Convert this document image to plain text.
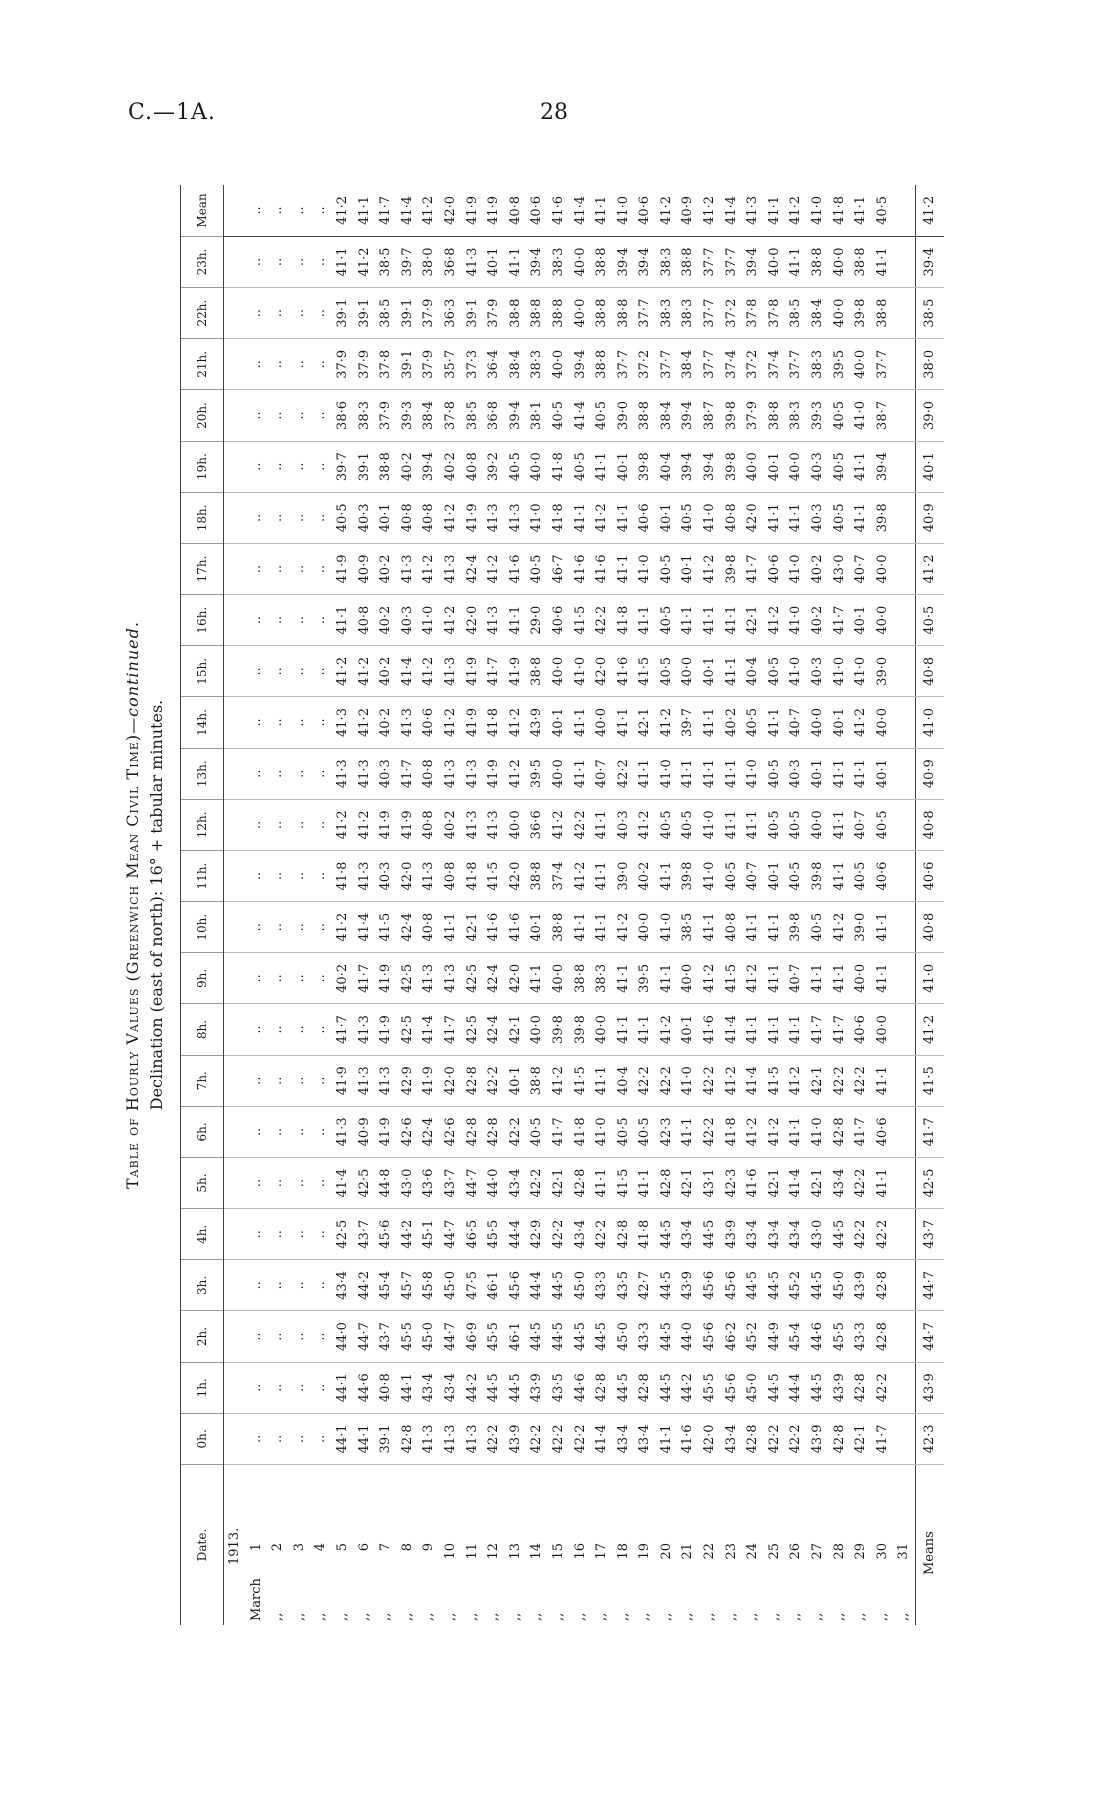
C.—1A.	28
Table of Hourly Values (Greenwich Mean Civil Time)—continued.
Declination (east of north): 16° + tabular minutes.
Date.	0h.	1h.	2h.	3h.	4h.	5h.	6h.	7h.	8h.	9h.	10h.	11h.	12h.	13h.	14h.	15h.	16h.	17h.	18h.	19h.	20h.	21h.	22h.	23h.	Mean
1913.																									
March1	..	..	..	..	..	..	..	..	..	..	..	..	..	..	..	..	..	..	..	..	..	..	..	..	..
,,2	..	..	..	..	..	..	..	..	..	..	..	..	..	..	..	..	..	..	..	..	..	..	..	..	..
,,3	..	..	..	..	..	..	..	..	..	..	..	..	..	..	..	..	..	..	..	..	..	..	..	..	..
,,4	..	..	..	..	..	..	..	..	..	..	..	..	..	..	..	..	..	..	..	..	..	..	..	..	..
,,5	44·1	44·1	44·0	43·4	42·5	41·4	41·3	41·9	41·7	40·2	41·2	41·8	41·2	41·3	41·3	41·2	41·1	41·9	40·5	39·7	38·6	37·9	39·1	41·1	41·2
,,6	44·1	44·6	44·7	44·2	43·7	42·5	40·9	41·3	41·3	41·7	41·4	41·3	41·2	41·3	41·2	41·2	40·8	40·9	40·3	39·1	38·3	37·9	39·1	41·2	41·1
,,7	39·1	40·8	43·7	45·4	45·6	44·8	41·9	41·3	41·9	41·9	41·5	40·3	41·9	40·3	40·2	40·2	40·2	40·2	40·1	38·8	37·9	37·8	38·5	38·5	41·7
,,8	42·8	44·1	45·5	45·7	44·2	43·0	42·6	42·9	42·5	42·5	42·4	42·0	41·9	41·7	41·3	41·4	40·3	41·3	40·8	40·2	39·3	39·1	39·1	39·7	41·4
,,9	41·3	43·4	45·0	45·8	45·1	43·6	42·4	41·9	41·4	41·3	40·8	41·3	40·8	40·8	40·6	41·2	41·0	41·2	40·8	39·4	38·4	37·9	37·9	38·0	41·2
,,10	41·3	43·4	44·7	45·0	44·7	43·7	42·6	42·0	41·7	41·3	41·1	40·8	40·2	41·3	41·2	41·3	41·2	41·3	41·2	40·2	37·8	35·7	36·3	36·8	42·0
,,11	41·3	44·2	46·9	47·5	46·5	44·7	42·8	42·8	42·5	42·5	42·1	41·8	41·3	41·3	41·9	41·9	42·0	42·4	41·9	40·8	38·5	37·3	39·1	41·3	41·9
,,12	42·2	44·5	45·5	46·1	45·5	44·0	42·8	42·2	42·4	42·4	41·6	41·5	41·3	41·9	41·8	41·7	41·3	41·2	41·3	39·2	36·8	36·4	37·9	40·1	41·9
,,13	43·9	44·5	46·1	45·6	44·4	43·4	42·2	40·1	42·1	42·0	41·6	42·0	40·0	41·2	41·2	41·9	41·1	41·6	41·3	40·5	39·4	38·4	38·8	41·1	40·8
,,14	42·2	43·9	44·5	44·4	42·9	42·2	40·5	38·8	40·0	41·1	40·1	38·8	36·6	39·5	43·9	38·8	29·0	40·5	41·0	40·0	38·1	38·3	38·8	39·4	40·6
,,15	42·2	43·5	44·5	44·5	42·2	42·1	41·7	41·2	39·8	40·0	38·8	37·4	41·2	40·0	40·1	40·0	40·6	46·7	41·8	41·8	40·5	40·0	38·8	38·3	41·6
,,16	42·2	44·6	44·5	45·0	43·4	42·8	41·8	41·5	39·8	38·8	41·1	41·2	42·2	41·1	41·1	41·0	41·5	41·6	41·1	40·5	41·4	39·4	40·0	40·0	41·4
,,17	41·4	42·8	44·5	43·3	42·2	41·1	41·0	41·1	40·0	38·3	41·1	41·1	41·1	40·7	40·0	42·0	42·2	41·6	41·2	41·1	40·5	38·8	38·8	38·8	41·1
,,18	43·4	44·5	45·0	43·5	42·8	41·5	40·5	40·4	41·1	41·1	41·2	39·0	40·3	42·2	41·1	41·6	41·8	41·1	41·1	40·1	39·0	37·7	38·8	39·4	41·0
,,19	43·4	42·8	43·3	42·7	41·8	41·1	40·5	42·2	41·1	39·5	40·0	40·2	41·2	41·1	42·1	41·5	41·1	41·0	40·6	39·8	38·8	37·2	37·7	39·4	40·6
,,20	41·1	44·5	44·5	44·5	44·5	42·8	42·3	42·2	41·2	41·1	41·0	41·1	40·5	41·0	41·2	40·5	40·5	40·5	40·1	40·4	38·4	37·7	38·3	38·3	41·2
,,21	41·6	44·2	44·0	43·9	43·4	42·1	41·1	41·0	40·1	40·0	38·5	39·8	40·5	41·1	39·7	40·0	41·1	40·1	40·5	39·4	39·4	38·4	38·3	38·8	40·9
,,22	42·0	45·5	45·6	45·6	44·5	43·1	42·2	42·2	41·6	41·2	41·1	41·0	41·0	41·1	41·1	40·1	41·1	41·2	41·0	39·4	38·7	37·7	37·7	37·7	41·2
,,23	43·4	45·6	46·2	45·6	43·9	42·3	41·8	41·2	41·4	41·5	40·8	40·5	41·1	41·1	40·2	41·1	41·1	39·8	40·8	39·8	39·8	37·4	37·2	37·7	41·4
,,24	42·8	45·0	45·2	44·5	43·4	41·6	41·2	41·4	41·1	41·2	41·1	40·7	41·1	41·0	40·5	40·4	42·1	41·7	42·0	40·0	37·9	37·2	37·8	39·4	41·3
,,25	42·2	44·5	44·9	44·5	43·4	42·1	41·2	41·5	41·1	41·1	41·1	40·1	40·5	40·5	41·1	40·5	41·2	40·6	41·1	40·1	38·8	37·4	37·8	40·0	41·1
,,26	42·2	44·4	45·4	45·2	43·4	41·4	41·1	41·2	41·1	40·7	39·8	40·5	40·5	40·3	40·7	41·0	41·0	41·0	41·1	40·0	38·3	37·7	38·5	41·1	41·2
,,27	43·9	44·5	44·6	44·5	43·0	42·1	41·0	42·1	41·7	41·1	40·5	39·8	40·0	40·1	40·0	40·3	40·2	40·2	40·3	40·3	39·3	38·3	38·4	38·8	41·0
,,28	42·8	43·9	45·5	45·0	44·5	43·4	42·8	42·2	41·7	41·1	41·2	41·1	41·1	41·1	40·1	41·0	41·7	43·0	40·5	40·5	40·5	39·5	40·0	40·0	41·8
,,29	42·1	42·8	43·3	43·9	42·2	42·2	41·7	42·2	40·6	40·0	39·0	40·5	40·7	41·1	41·2	41·0	40·1	40·7	41·1	41·1	41·0	40·0	39·8	38·8	41·1
,,30	41·7	42·2	42·8	42·8	42·2	41·1	40·6	41·1	40·0	41·1	41·1	40·6	40·5	40·1	40·0	39·0	40·0	40·0	39·8	39·4	38·7	37·7	38·8	41·1	40·5
,,31																									
Means	42·3	43·9	44·7	44·7	43·7	42·5	41·7	41·5	41·2	41·0	40·8	40·6	40·8	40·9	41·0	40·8	40·5	41·2	40·9	40·1	39·0	38·0	38·5	39·4	41·2
